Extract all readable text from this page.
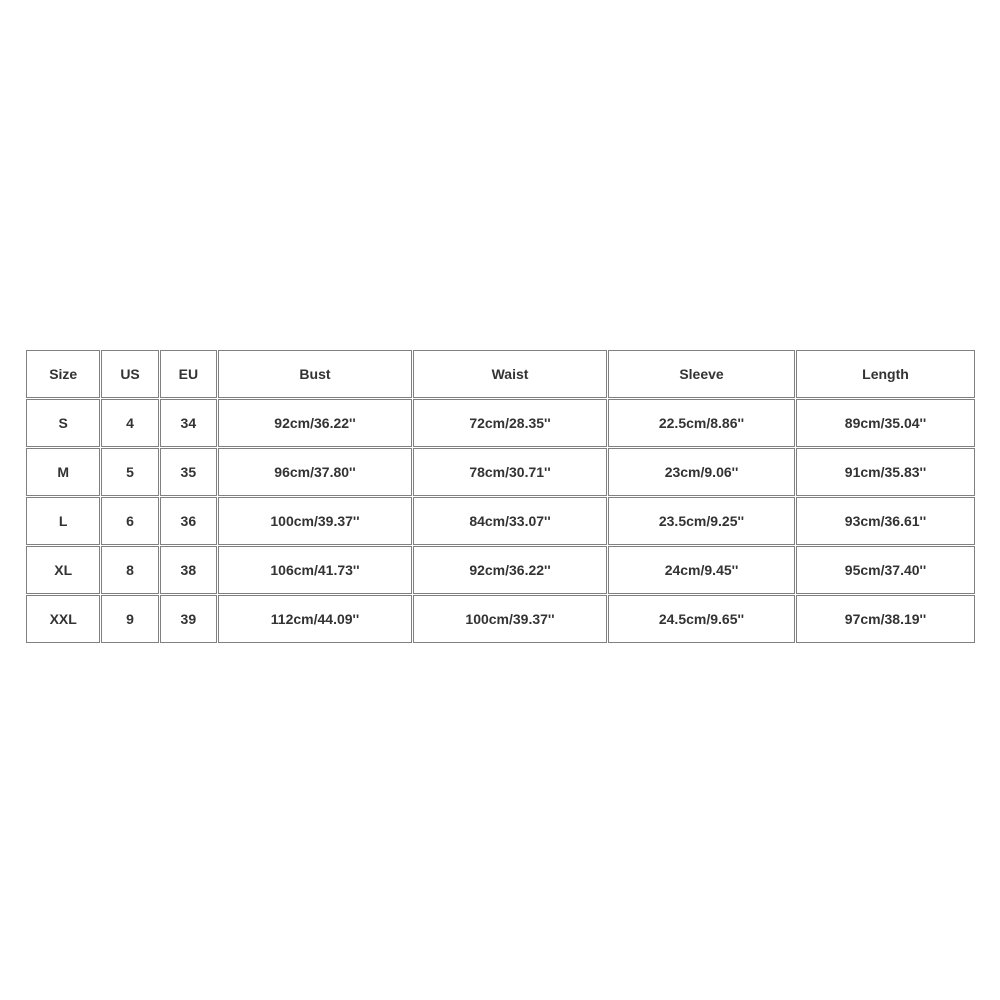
Size	US	EU	Bust	Waist	Sleeve	Length
S	4	34	92cm/36.22''	72cm/28.35''	22.5cm/8.86''	89cm/35.04''
M	5	35	96cm/37.80''	78cm/30.71''	23cm/9.06''	91cm/35.83''
L	6	36	100cm/39.37''	84cm/33.07''	23.5cm/9.25''	93cm/36.61''
XL	8	38	106cm/41.73''	92cm/36.22''	24cm/9.45''	95cm/37.40''
XXL	9	39	112cm/44.09''	100cm/39.37''	24.5cm/9.65''	97cm/38.19''
